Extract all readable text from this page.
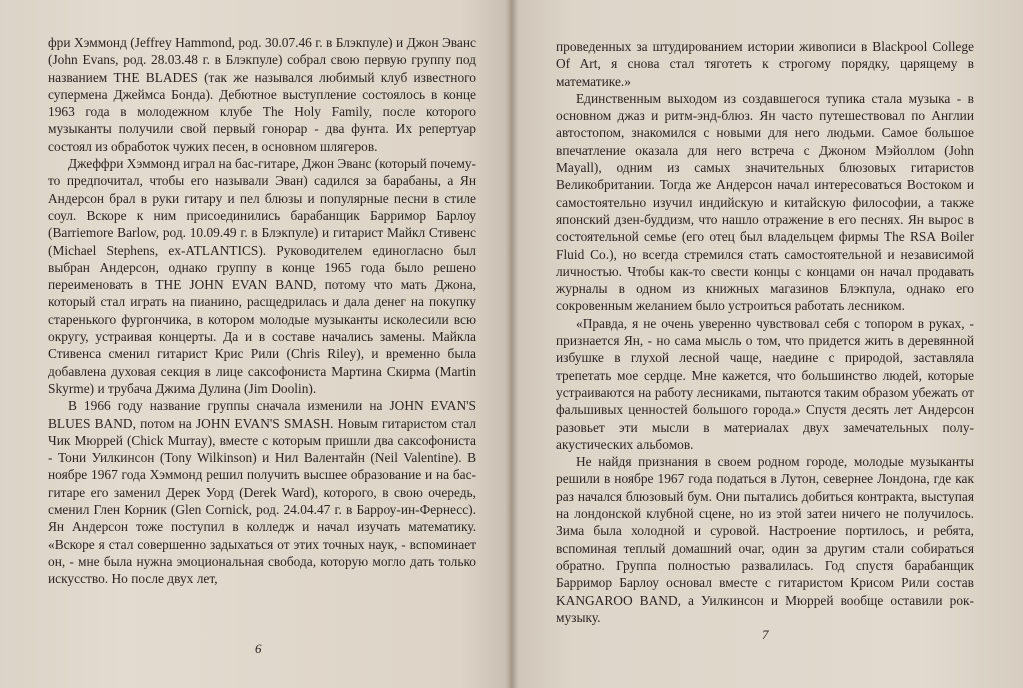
фри Хэммонд (Jeffrey Hammond, род. 30.07.46 г. в Блэкпуле) и Джон Эванс (John Evans, род. 28.03.48 г. в Блэкпуле) собрал свою первую группу под названием THE BLADES (так же назывался любимый клуб известного супермена Джеймса Бонда). Дебютное выступление состоялось в конце 1963 года в молодежном клубе The Holy Family, после которого музыканты получили свой первый гонорар - два фунта. Их репертуар состоял из обработок чужих песен, в основном шлягеров.

Джеффри Хэммонд играл на бас-гитаре, Джон Эванс (который почему-то предпочитал, чтобы его называли Эван) садился за барабаны, а Ян Андерсон брал в руки гитару и пел блюзы и популярные песни в стиле соул. Вскоре к ним присоединились барабанщик Барримор Барлоу (Barriemore Barlow, род. 10.09.49 г. в Блэкпуле) и гитарист Майкл Стивенс (Michael Stephens, ex-ATLANTICS). Руководителем единогласно был выбран Андерсон, однако группу в конце 1965 года было решено переименовать в THE JOHN EVAN BAND, потому что мать Джона, который стал играть на пианино, расщедрилась и дала денег на покупку старенького фургончика, в котором молодые музыканты исколесили всю округу, устраивая концерты. Да и в составе начались замены. Майкла Стивенса сменил гитарист Крис Рили (Chris Riley), и временно была добавлена духовая секция в лице саксофониста Мартина Скирма (Martin Skyrme) и трубача Джима Дулина (Jim Doolin).

В 1966 году название группы сначала изменили на JOHN EVAN'S BLUES BAND, потом на JOHN EVAN'S SMASH. Новым гитаристом стал Чик Мюррей (Chick Murray), вместе с которым пришли два саксофониста - Тони Уилкинсон (Tony Wilkinson) и Нил Валентайн (Neil Valentine). В ноябре 1967 года Хэммонд решил получить высшее образование и на бас-гитаре его заменил Дерек Уорд (Derek Ward), которого, в свою очередь, сменил Глен Корник (Glen Cornick, род. 24.04.47 г. в Барроу-ин-Фернесс). Ян Андерсон тоже поступил в колледж и начал изучать математику. «Вскоре я стал совершенно задыхаться от этих точных наук, - вспоминает он, - мне была нужна эмоциональная свобода, которую могло дать только искусство. Но после двух лет,

6

проведенных за штудированием истории живописи в Blackpool College Of Art, я снова стал тяготеть к строгому порядку, царящему в математике.»

Единственным выходом из создавшегося тупика стала музыка - в основном джаз и ритм-энд-блюз. Ян часто путешествовал по Англии автостопом, знакомился с новыми для него людьми. Самое большое впечатление оказала для него встреча с Джоном Мэйоллом (John Mayall), одним из самых значительных блюзовых гитаристов Великобритании. Тогда же Андерсон начал интересоваться Востоком и самостоятельно изучил индийскую и китайскую философии, а также японский дзен-буддизм, что нашло отражение в его песнях. Ян вырос в состоятельной семье (его отец был владельцем фирмы The RSA Boiler Fluid Co.), но всегда стремился стать самостоятельной и независимой личностью. Чтобы как-то свести концы с концами он начал продавать журналы в одном из книжных магазинов Блэкпула, однако его сокровенным желанием было устроиться работать лесником.

«Правда, я не очень уверенно чувствовал себя с топором в руках, - признается Ян, - но сама мысль о том, что придется жить в деревянной избушке в глухой лесной чаще, наедине с природой, заставляла трепетать мое сердце. Мне кажется, что большинство людей, которые устраиваются на работу лесниками, пытаются таким образом убежать от фальшивых ценностей большого города.» Спустя десять лет Андерсон разовьет эти мысли в материалах двух замечательных полу-акустических альбомов.

Не найдя признания в своем родном городе, молодые музыканты решили в ноябре 1967 года податься в Лутон, севернее Лондона, где как раз начался блюзовый бум. Они пытались добиться контракта, выступая на лондонской клубной сцене, но из этой затеи ничего не получилось. Зима была холодной и суровой. Настроение портилось, и ребята, вспоминая теплый домашний очаг, один за другим стали собираться обратно. Группа полностью развалилась. Год спустя барабанщик Барримор Барлоу основал вместе с гитаристом Крисом Рили состав KANGAROO BAND, а Уилкинсон и Мюррей вообще оставили рок-музыку.

7
